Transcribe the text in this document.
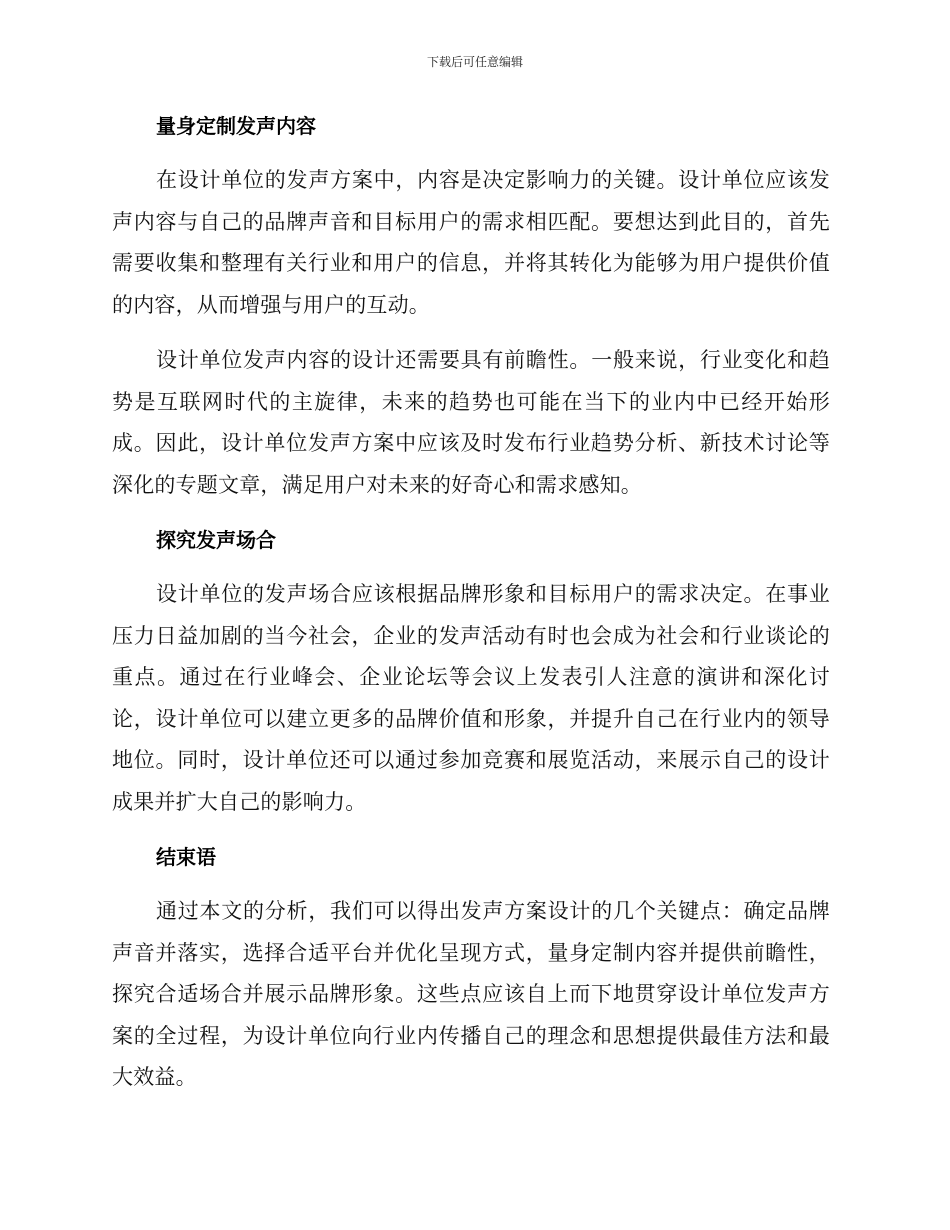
下载后可任意编辑
量身定制发声内容

在设计单位的发声方案中，内容是决定影响力的关键。设计单位应该发声内容与自己的品牌声音和目标用户的需求相匹配。要想达到此目的，首先需要收集和整理有关行业和用户的信息，并将其转化为能够为用户提供价值的内容，从而增强与用户的互动。

设计单位发声内容的设计还需要具有前瞻性。一般来说，行业变化和趋势是互联网时代的主旋律，未来的趋势也可能在当下的业内中已经开始形成。因此，设计单位发声方案中应该及时发布行业趋势分析、新技术讨论等深化的专题文章，满足用户对未来的好奇心和需求感知。

探究发声场合

设计单位的发声场合应该根据品牌形象和目标用户的需求决定。在事业压力日益加剧的当今社会，企业的发声活动有时也会成为社会和行业谈论的重点。通过在行业峰会、企业论坛等会议上发表引人注意的演讲和深化讨论，设计单位可以建立更多的品牌价值和形象，并提升自己在行业内的领导地位。同时，设计单位还可以通过参加竞赛和展览活动，来展示自己的设计成果并扩大自己的影响力。

结束语

通过本文的分析，我们可以得出发声方案设计的几个关键点：确定品牌声音并落实，选择合适平台并优化呈现方式，量身定制内容并提供前瞻性，探究合适场合并展示品牌形象。这些点应该自上而下地贯穿设计单位发声方案的全过程，为设计单位向行业内传播自己的理念和思想提供最佳方法和最大效益。
